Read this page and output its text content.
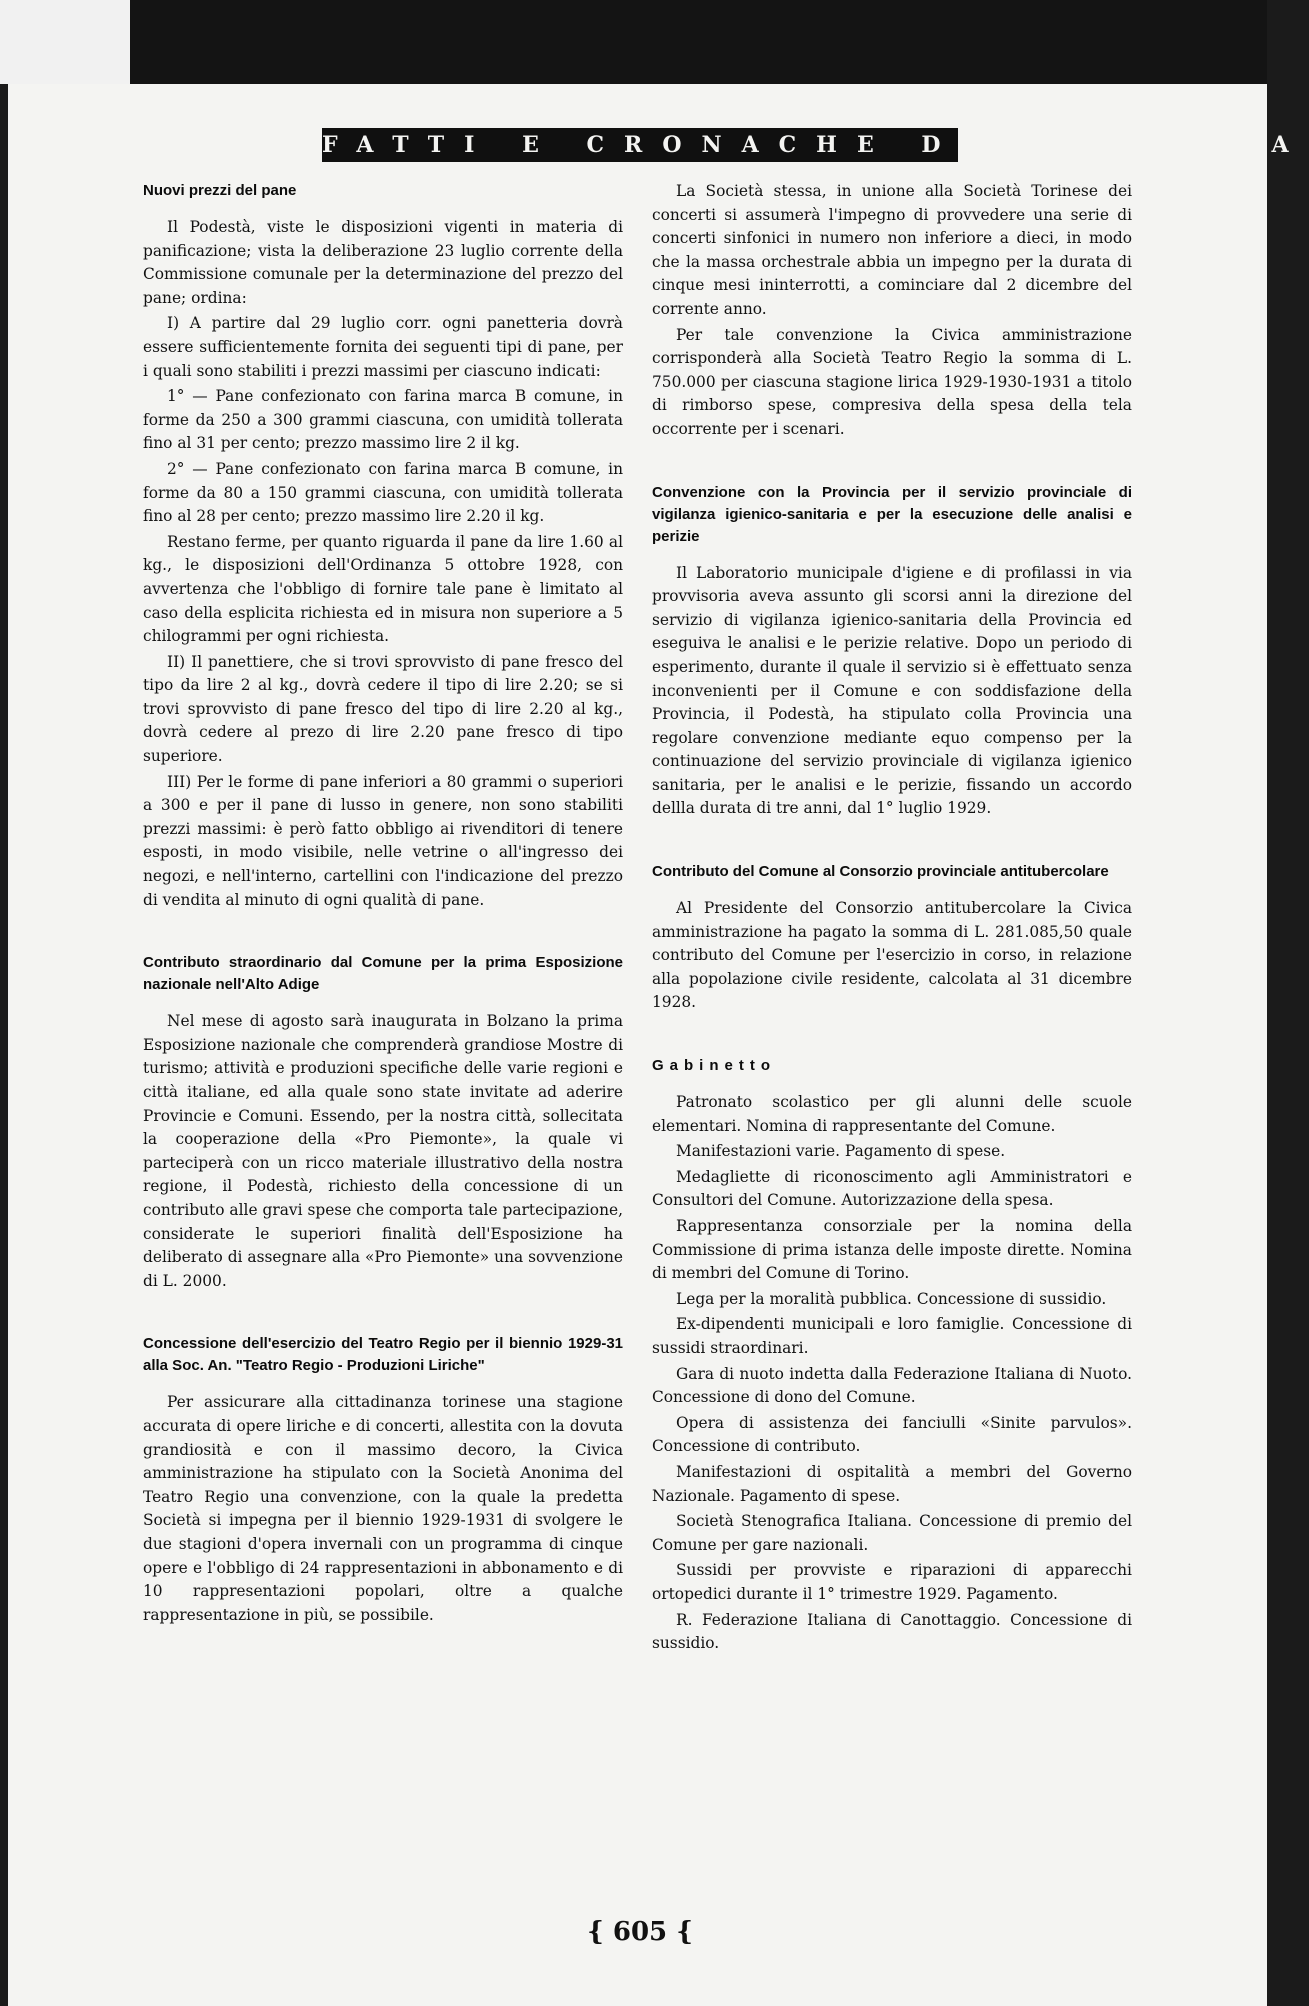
FATTI E CRONACHE DELLA CITTA
Nuovi prezzi del pane

Il Podestà, viste le disposizioni vigenti in materia di panificazione; vista la deliberazione 23 luglio corrente della Commissione comunale per la determinazione del prezzo del pane; ordina:

I) A partire dal 29 luglio corr. ogni panetteria dovrà essere sufficientemente fornita dei seguenti tipi di pane, per i quali sono stabiliti i prezzi massimi per ciascuno indicati:

1° — Pane confezionato con farina marca B comune, in forme da 250 a 300 grammi ciascuna, con umidità tollerata fino al 31 per cento; prezzo massimo lire 2 il kg.

2° — Pane confezionato con farina marca B comune, in forme da 80 a 150 grammi ciascuna, con umidità tollerata fino al 28 per cento; prezzo massimo lire 2.20 il kg.

Restano ferme, per quanto riguarda il pane da lire 1.60 al kg., le disposizioni dell'Ordinanza 5 ottobre 1928, con avvertenza che l'obbligo di fornire tale pane è limitato al caso della esplicita richiesta ed in misura non superiore a 5 chilogrammi per ogni richiesta.

II) Il panettiere, che si trovi sprovvisto di pane fresco del tipo da lire 2 al kg., dovrà cedere il tipo di lire 2.20; se si trovi sprovvisto di pane fresco del tipo di lire 2.20 al kg., dovrà cedere al prezo di lire 2.20 pane fresco di tipo superiore.

III) Per le forme di pane inferiori a 80 grammi o superiori a 300 e per il pane di lusso in genere, non sono stabiliti prezzi massimi: è però fatto obbligo ai rivenditori di tenere esposti, in modo visibile, nelle vetrine o all'ingresso dei negozi, e nell'interno, cartellini con l'indicazione del prezzo di vendita al minuto di ogni qualità di pane.

Contributo straordinario dal Comune per la prima Esposizione nazionale nell'Alto Adige

Nel mese di agosto sarà inaugurata in Bolzano la prima Esposizione nazionale che comprenderà grandiose Mostre di turismo; attività e produzioni specifiche delle varie regioni e città italiane, ed alla quale sono state invitate ad aderire Provincie e Comuni. Essendo, per la nostra città, sollecitata la cooperazione della «Pro Piemonte», la quale vi parteciperà con un ricco materiale illustrativo della nostra regione, il Podestà, richiesto della concessione di un contributo alle gravi spese che comporta tale partecipazione, considerate le superiori finalità dell'Esposizione ha deliberato di assegnare alla «Pro Piemonte» una sovvenzione di L. 2000.

Concessione dell'esercizio del Teatro Regio per il biennio 1929-31 alla Soc. An. "Teatro Regio - Produzioni Liriche"

Per assicurare alla cittadinanza torinese una stagione accurata di opere liriche e di concerti, allestita con la dovuta grandiosità e con il massimo decoro, la Civica amministrazione ha stipulato con la Società Anonima del Teatro Regio una convenzione, con la quale la predetta Società si impegna per il biennio 1929-1931 di svolgere le due stagioni d'opera invernali con un programma di cinque opere e l'obbligo di 24 rappresentazioni in abbonamento e di 10 rappresentazioni popolari, oltre a qualche rappresentazione in più, se possibile.

La Società stessa, in unione alla Società Torinese dei concerti si assumerà l'impegno di provvedere una serie di concerti sinfonici in numero non inferiore a dieci, in modo che la massa orchestrale abbia un impegno per la durata di cinque mesi ininterrotti, a cominciare dal 2 dicembre del corrente anno.

Per tale convenzione la Civica amministrazione corrisponderà alla Società Teatro Regio la somma di L. 750.000 per ciascuna stagione lirica 1929-1930-1931 a titolo di rimborso spese, compresiva della spesa della tela occorrente per i scenari.

Convenzione con la Provincia per il servizio provinciale di vigilanza igienico-sanitaria e per la esecuzione delle analisi e perizie

Il Laboratorio municipale d'igiene e di profilassi in via provvisoria aveva assunto gli scorsi anni la direzione del servizio di vigilanza igienico-sanitaria della Provincia ed eseguiva le analisi e le perizie relative. Dopo un periodo di esperimento, durante il quale il servizio si è effettuato senza inconvenienti per il Comune e con soddisfazione della Provincia, il Podestà, ha stipulato colla Provincia una regolare convenzione mediante equo compenso per la continuazione del servizio provinciale di vigilanza igienico sanitaria, per le analisi e le perizie, fissando un accordo dellla durata di tre anni, dal 1° luglio 1929.

Contributo del Comune al Consorzio provinciale antitubercolare

Al Presidente del Consorzio antitubercolare la Civica amministrazione ha pagato la somma di L. 281.085,50 quale contributo del Comune per l'esercizio in corso, in relazione alla popolazione civile residente, calcolata al 31 dicembre 1928.

Gabinetto

Patronato scolastico per gli alunni delle scuole elementari. Nomina di rappresentante del Comune.

Manifestazioni varie. Pagamento di spese.

Medagliette di riconoscimento agli Amministratori e Consultori del Comune. Autorizzazione della spesa.

Rappresentanza consorziale per la nomina della Commissione di prima istanza delle imposte dirette. Nomina di membri del Comune di Torino.

Lega per la moralità pubblica. Concessione di sussidio.

Ex-dipendenti municipali e loro famiglie. Concessione di sussidi straordinari.

Gara di nuoto indetta dalla Federazione Italiana di Nuoto. Concessione di dono del Comune.

Opera di assistenza dei fanciulli «Sinite parvulos». Concessione di contributo.

Manifestazioni di ospitalità a membri del Governo Nazionale. Pagamento di spese.

Società Stenografica Italiana. Concessione di premio del Comune per gare nazionali.

Sussidi per provviste e riparazioni di apparecchi ortopedici durante il 1° trimestre 1929. Pagamento.

R. Federazione Italiana di Canottaggio. Concessione di sussidio.

{ 605 {
